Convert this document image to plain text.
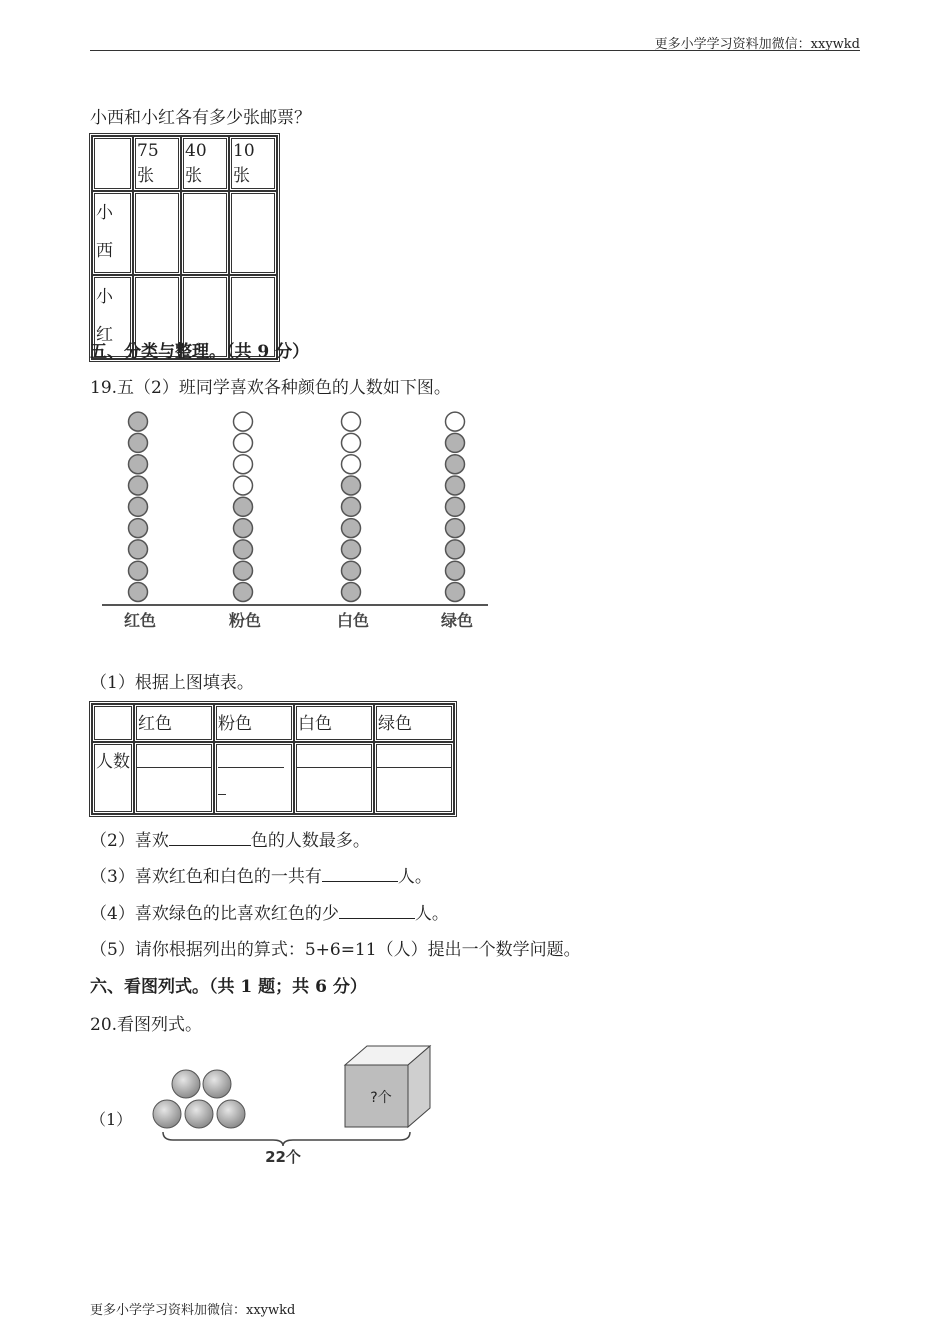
更多小学学习资料加微信：xxywkd
更多小学学习资料加微信：xxywkd
小西和小红各有多少张邮票？
	75 张	40 张	10 张

小西			

小红			

五、分类与整理。（共 9 分）
19.五（2）班同学喜欢各种颜色的人数如下图。
红色	粉色	白色	绿色
（1）根据上图填表。
	红色	粉色	白色	绿色
人数	

（2）喜欢	色的人数最多。
（3）喜欢红色和白色的一共有	人。
（4）喜欢绿色的比喜欢红色的少	人。
（5）请你根据列出的算式：5+6=11（人）提出一个数学问题。
六、看图列式。（共 1 题；共 6 分）
20.看图列式。
（1）
?个
22个
